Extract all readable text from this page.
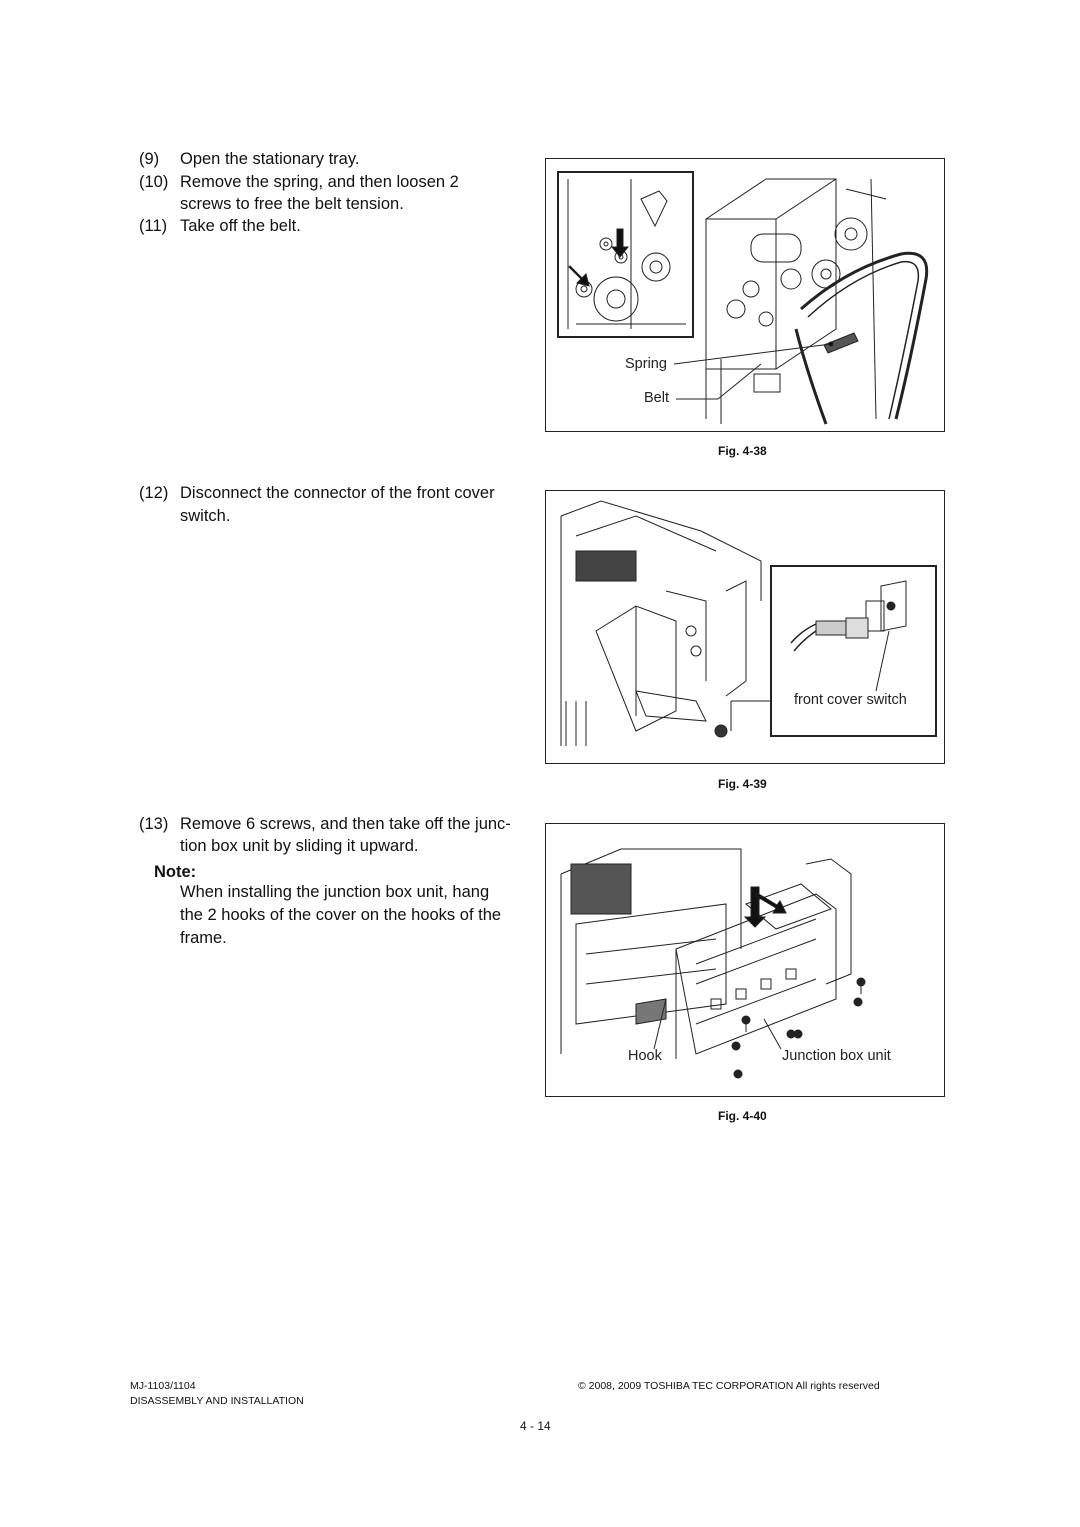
(9) Open the stationary tray.
(10) Remove the spring, and then loosen 2
screws to free the belt tension.
(11) Take off the belt.
Spring
Belt
Fig. 4-38
(12) Disconnect the connector of the front cover
switch.
front cover switch
Fig. 4-39
(13) Remove 6 screws, and then take off the junc-
tion box unit by sliding it upward.
Note:
When installing the junction box unit, hang
the 2 hooks of the cover on the hooks of the
frame.
Hook	Junction box unit
Fig. 4-40
MJ-1103/1104
DISASSEMBLY AND INSTALLATION
© 2008, 2009 TOSHIBA TEC CORPORATION All rights reserved
4 - 14
